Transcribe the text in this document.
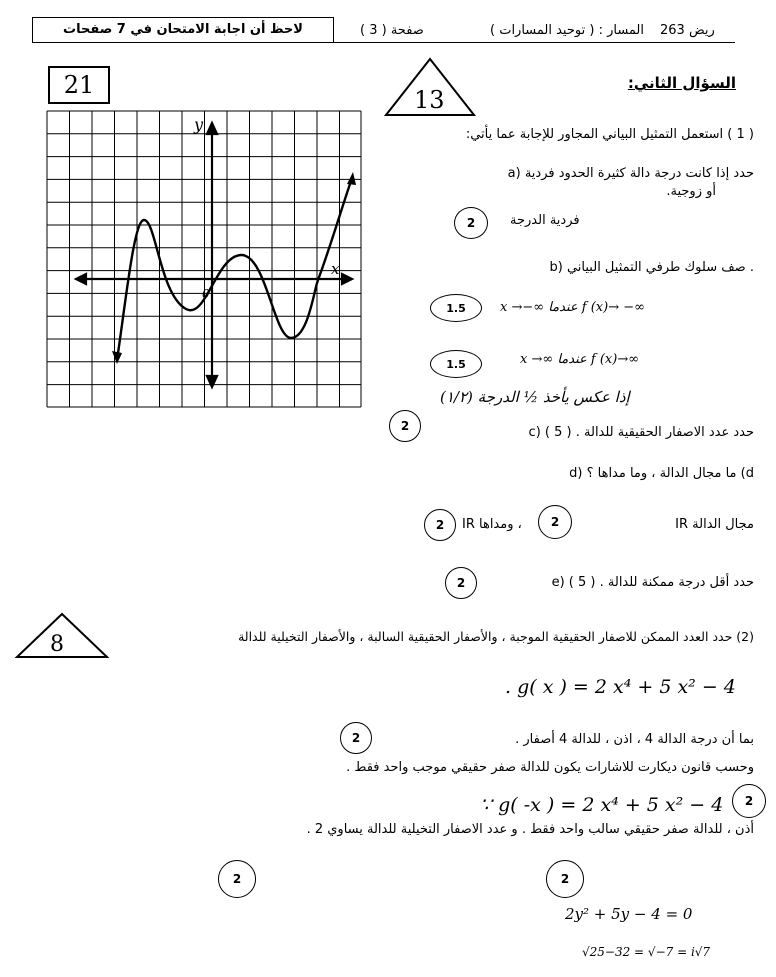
لاحظ أن اجابة الامتحان في 7 صفحات	صفحة ( 3 )	المسار : ( توحيد المسارات ) ريض 263
21
13
السؤال الثاني:
y
x
0
( 1 ) استعمل التمثيل البياني المجاور للإجابة عما يأتي:
a) حدد إذا كانت درجة دالة كثيرة الحدود فردية
أو زوجية.
2	فردية الدرجة
b) صف سلوك طرفي التمثيل البياني .
1.5	x →−∞ عندما f (x)→ −∞
1.5	x →∞ عندما f (x)→∞
إذا عكس يأخذ ½ الدرجة (١/٢)
2	c) حدد عدد الاصفار الحقيقية للدالة . ( 5 )
d) ما مجال الدالة ، وما مداها ؟ (d
2	، ومداها IR	2	مجال الدالة IR
2	e) حدد أقل درجة ممكنة للدالة . ( 5 )
8	(2) حدد العدد الممكن للاصفار الحقيقية الموجبة ، والأصفار الحقيقية السالبة ، والأصفار التخيلية للدالة
. g( x ) = 2 x⁴ + 5 x² − 4
2	بما أن درجة الدالة 4 ، اذن ، للدالة 4 أصفار .
وحسب قانون ديكارت للاشارات يكون للدالة صفر حقيقي موجب واحد فقط .
∵ g( -x ) = 2 x⁴ + 5 x² − 4	2
أذن ، للدالة صفر حقيقي سالب واحد فقط . و عدد الاصفار التخيلية للدالة يساوي 2 .
2	2
2y² + 5y − 4 = 0
√25−32 = √−7 = i√7
